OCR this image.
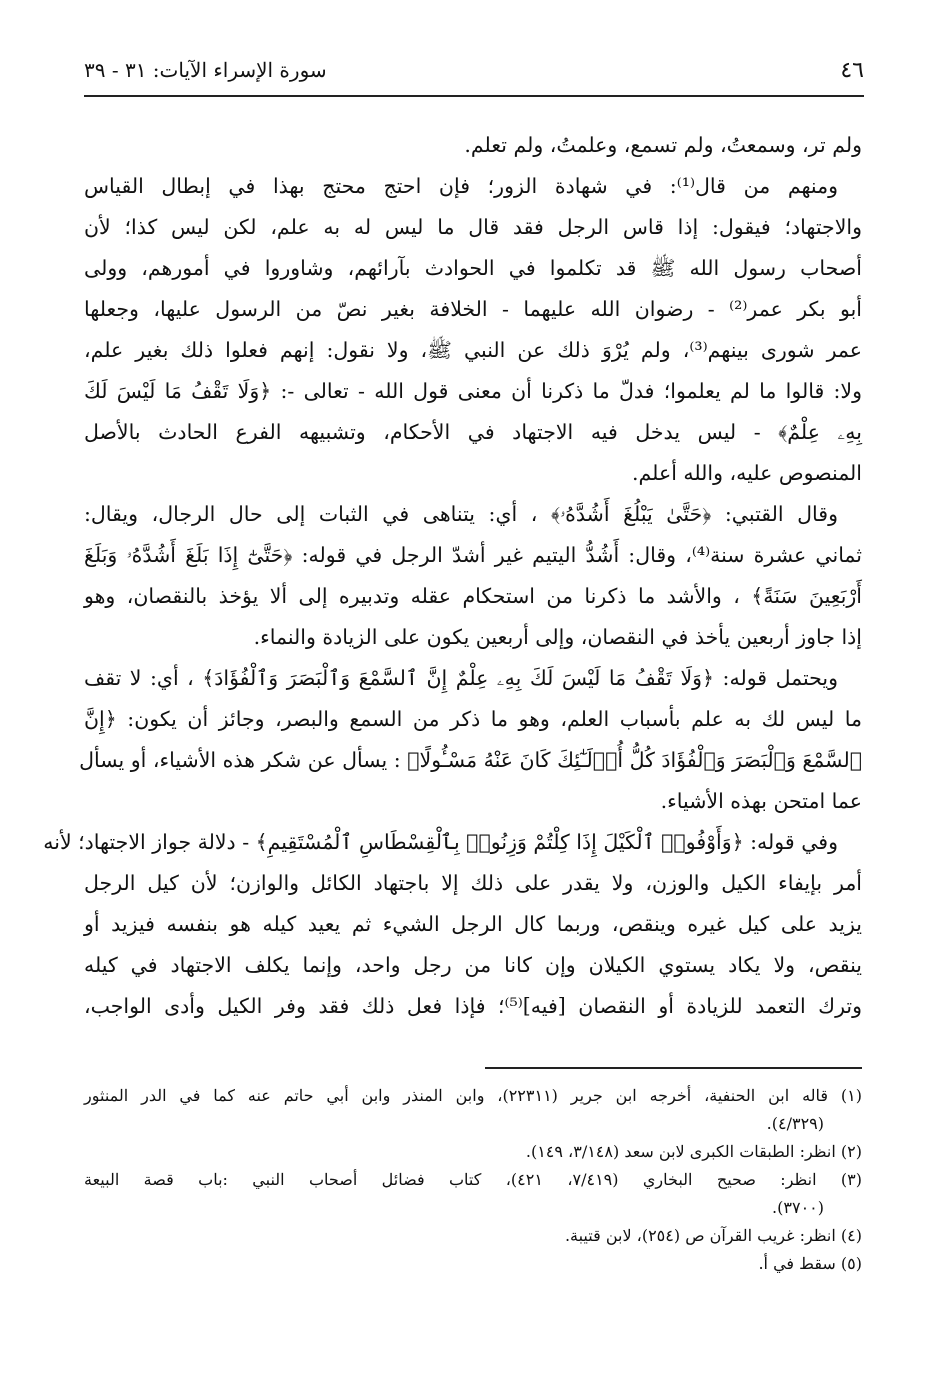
٤٦
سورة الإسراء الآيات: ٣١ - ٣٩
ولم تر، وسمعتُ، ولم تسمع، وعلمتُ، ولم تعلم.
ومنهم من قال⁽¹⁾: في شهادة الزور؛ فإن احتج محتج بهذا في إبطال القياس
والاجتهاد؛ فيقول: إذا قاس الرجل فقد قال ما ليس له به علم، لكن ليس كذا؛ لأن
أصحاب رسول الله ﷺ قد تكلموا في الحوادث بآرائهم، وشاوروا في أمورهم، وولى
أبو بكر عمر⁽²⁾ - رضوان الله عليهما - الخلافة بغير نصّ من الرسول عليها، وجعلها
عمر شورى بينهم⁽³⁾، ولم يُرْوَ ذلك عن النبي ﷺ، ولا نقول: إنهم فعلوا ذلك بغير علم،
ولا: قالوا ما لم يعلموا؛ فدلّ ما ذكرنا أن معنى قول الله - تعالى -: ﴿وَلَا تَقْفُ مَا لَيْسَ لَكَ
بِهِۦ عِلْمٌ﴾ - ليس يدخل فيه الاجتهاد في الأحكام، وتشبيهه الفرع الحادث بالأصل
المنصوص عليه، والله أعلم.
وقال القتبي: ﴿حَتَّىٰ يَبْلُغَ أَشُدَّهُۥ﴾ ، أي: يتناهى في الثبات إلى حال الرجال، ويقال:
ثماني عشرة سنة⁽⁴⁾، وقال: أَشُدُّ اليتيم غير أشدّ الرجل في قوله: ﴿حَتَّىٰٓ إِذَا بَلَغَ أَشُدَّهُۥ وَبَلَغَ
أَرْبَعِينَ سَنَةً﴾ ، والأشد ما ذكرنا من استحكام عقله وتدبيره إلى ألا يؤخذ بالنقصان، وهو
إذا جاوز أربعين يأخذ في النقصان، وإلى أربعين يكون على الزيادة والنماء.
ويحتمل قوله: ﴿وَلَا تَقْفُ مَا لَيْسَ لَكَ بِهِۦ عِلْمٌ إِنَّ ٱلسَّمْعَ وَٱلْبَصَرَ وَٱلْفُؤَادَ﴾ ، أي: لا تقف
ما ليس لك به علم بأسباب العلم، وهو ما ذكر من السمع والبصر، وجائز أن يكون: ﴿إِنَّ
ٱلسَّمْعَ وَٱلْبَصَرَ وَٱلْفُؤَادَ كُلُّ أُو۟لَـٰٓئِكَ كَانَ عَنْهُ مَسْـُٔولًا﴾ : يسأل عن شكر هذه الأشياء، أو يسأل
عما امتحن بهذه الأشياء.
وفي قوله: ﴿وَأَوْفُوا۟ ٱلْكَيْلَ إِذَا كِلْتُمْ وَزِنُوا۟ بِٱلْقِسْطَاسِ ٱلْمُسْتَقِيمِ﴾ - دلالة جواز الاجتهاد؛ لأنه
أمر بإيفاء الكيل والوزن، ولا يقدر على ذلك إلا باجتهاد الكائل والوازن؛ لأن كيل الرجل
يزيد على كيل غيره وينقص، وربما كال الرجل الشيء ثم يعيد كيله هو بنفسه فيزيد أو
ينقص، ولا يكاد يستوي الكيلان وإن كانا من رجل واحد، وإنما يكلف الاجتهاد في كيله
وترك التعمد للزيادة أو النقصان [فيه]⁽⁵⁾؛ فإذا فعل ذلك فقد وفر الكيل وأدى الواجب،
(١) قاله ابن الحنفية، أخرجه ابن جرير (٢٢٣١١)، وابن المنذر وابن أبي حاتم عنه كما في الدر المنثور
(٤/٣٢٩).
(٢) انظر: الطبقات الكبرى لابن سعد (٣/١٤٨، ١٤٩).
(٣) انظر: صحيح البخاري (٧/٤١٩، ٤٢١)، كتاب فضائل أصحاب النبي :باب قصة البيعة
(٣٧٠٠).
(٤) انظر: غريب القرآن ص (٢٥٤)، لابن قتيبة.
(٥) سقط في أ.
